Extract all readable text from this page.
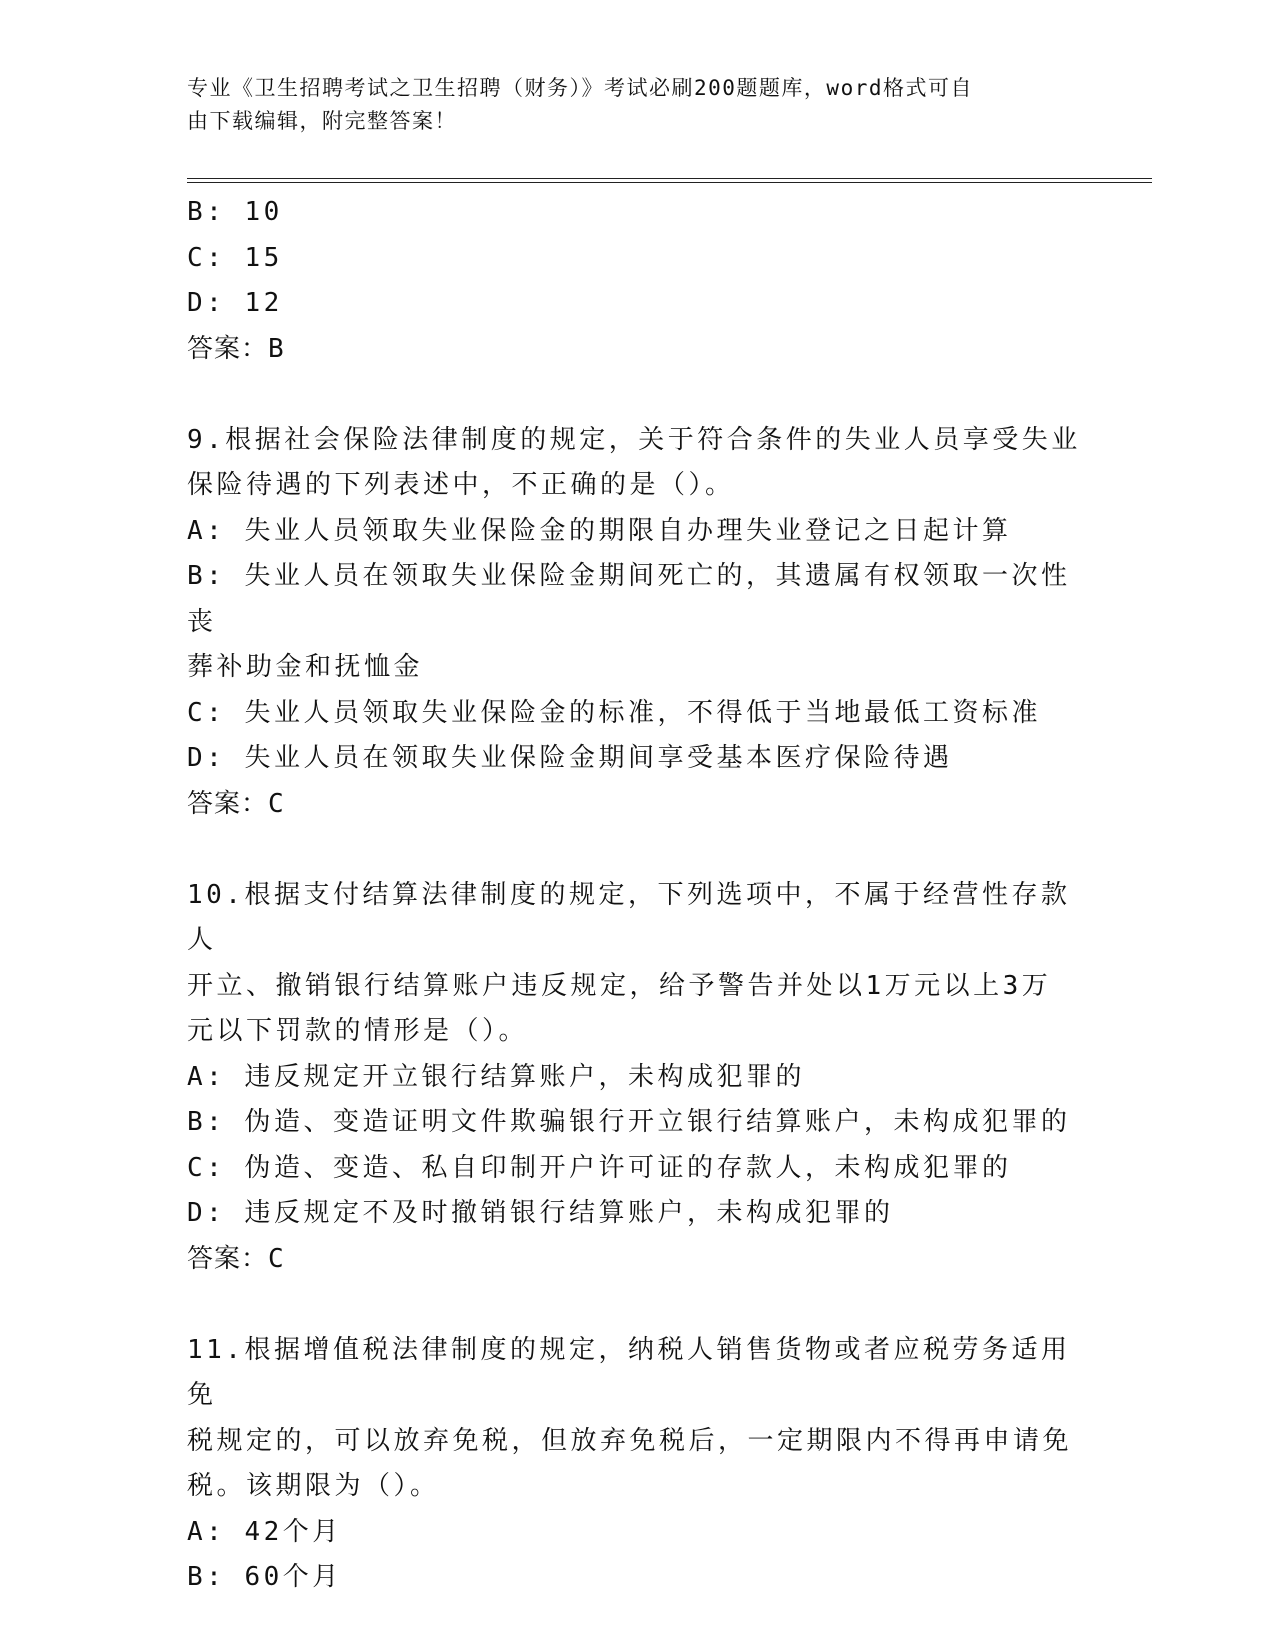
专业《卫生招聘考试之卫生招聘（财务）》考试必刷200题题库，word格式可自
由下载编辑，附完整答案！
B: 10
C: 15
D: 12
答案：B
9.根据社会保险法律制度的规定，关于符合条件的失业人员享受失业
保险待遇的下列表述中，不正确的是（）。
A: 失业人员领取失业保险金的期限自办理失业登记之日起计算
B: 失业人员在领取失业保险金期间死亡的，其遗属有权领取一次性丧
葬补助金和抚恤金
C: 失业人员领取失业保险金的标准，不得低于当地最低工资标准
D: 失业人员在领取失业保险金期间享受基本医疗保险待遇
答案：C
10.根据支付结算法律制度的规定，下列选项中，不属于经营性存款人
开立、撤销银行结算账户违反规定，给予警告并处以1万元以上3万
元以下罚款的情形是（）。
A: 违反规定开立银行结算账户，未构成犯罪的
B: 伪造、变造证明文件欺骗银行开立银行结算账户，未构成犯罪的
C: 伪造、变造、私自印制开户许可证的存款人，未构成犯罪的
D: 违反规定不及时撤销银行结算账户，未构成犯罪的
答案：C
11.根据增值税法律制度的规定，纳税人销售货物或者应税劳务适用免
税规定的，可以放弃免税，但放弃免税后，一定期限内不得再申请免
税。该期限为（）。
A: 42个月
B: 60个月
